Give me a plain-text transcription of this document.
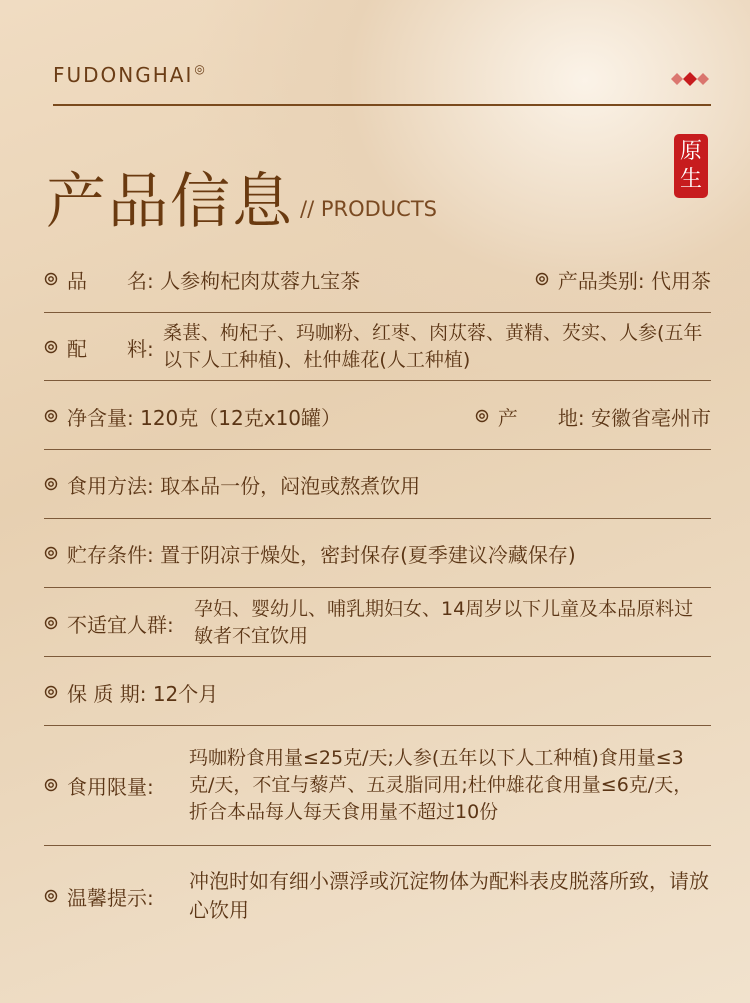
FUDONGHAI◎
产品信息 // PRODUCTS
原
生
品　　名:
人参枸杞肉苁蓉九宝茶	产品类别:
代用茶
配　　料:
桑葚、枸杞子、玛咖粉、红枣、肉苁蓉、黄精、芡实、人参(五年以下人工种植)、杜仲雄花(人工种植)
净含量:
120克（12克x10罐）	产　　地:
安徽省亳州市
食用方法:
取本品一份，闷泡或熬煮饮用
贮存条件:
置于阴凉于燥处，密封保存(夏季建议冷藏保存)
不适宜人群:
孕妇、婴幼儿、哺乳期妇女、14周岁以下儿童及本品原料过敏者不宜饮用
保 质 期:
12个月
食用限量:
玛咖粉食用量≤25克/天;人参(五年以下人工种植)食用量≤3克/天，不宜与藜芦、五灵脂同用;杜仲雄花食用量≤6克/天，折合本品每人每天食用量不超过10份
温馨提示:
冲泡时如有细小漂浮或沉淀物体为配料表皮脱落所致，请放心饮用
